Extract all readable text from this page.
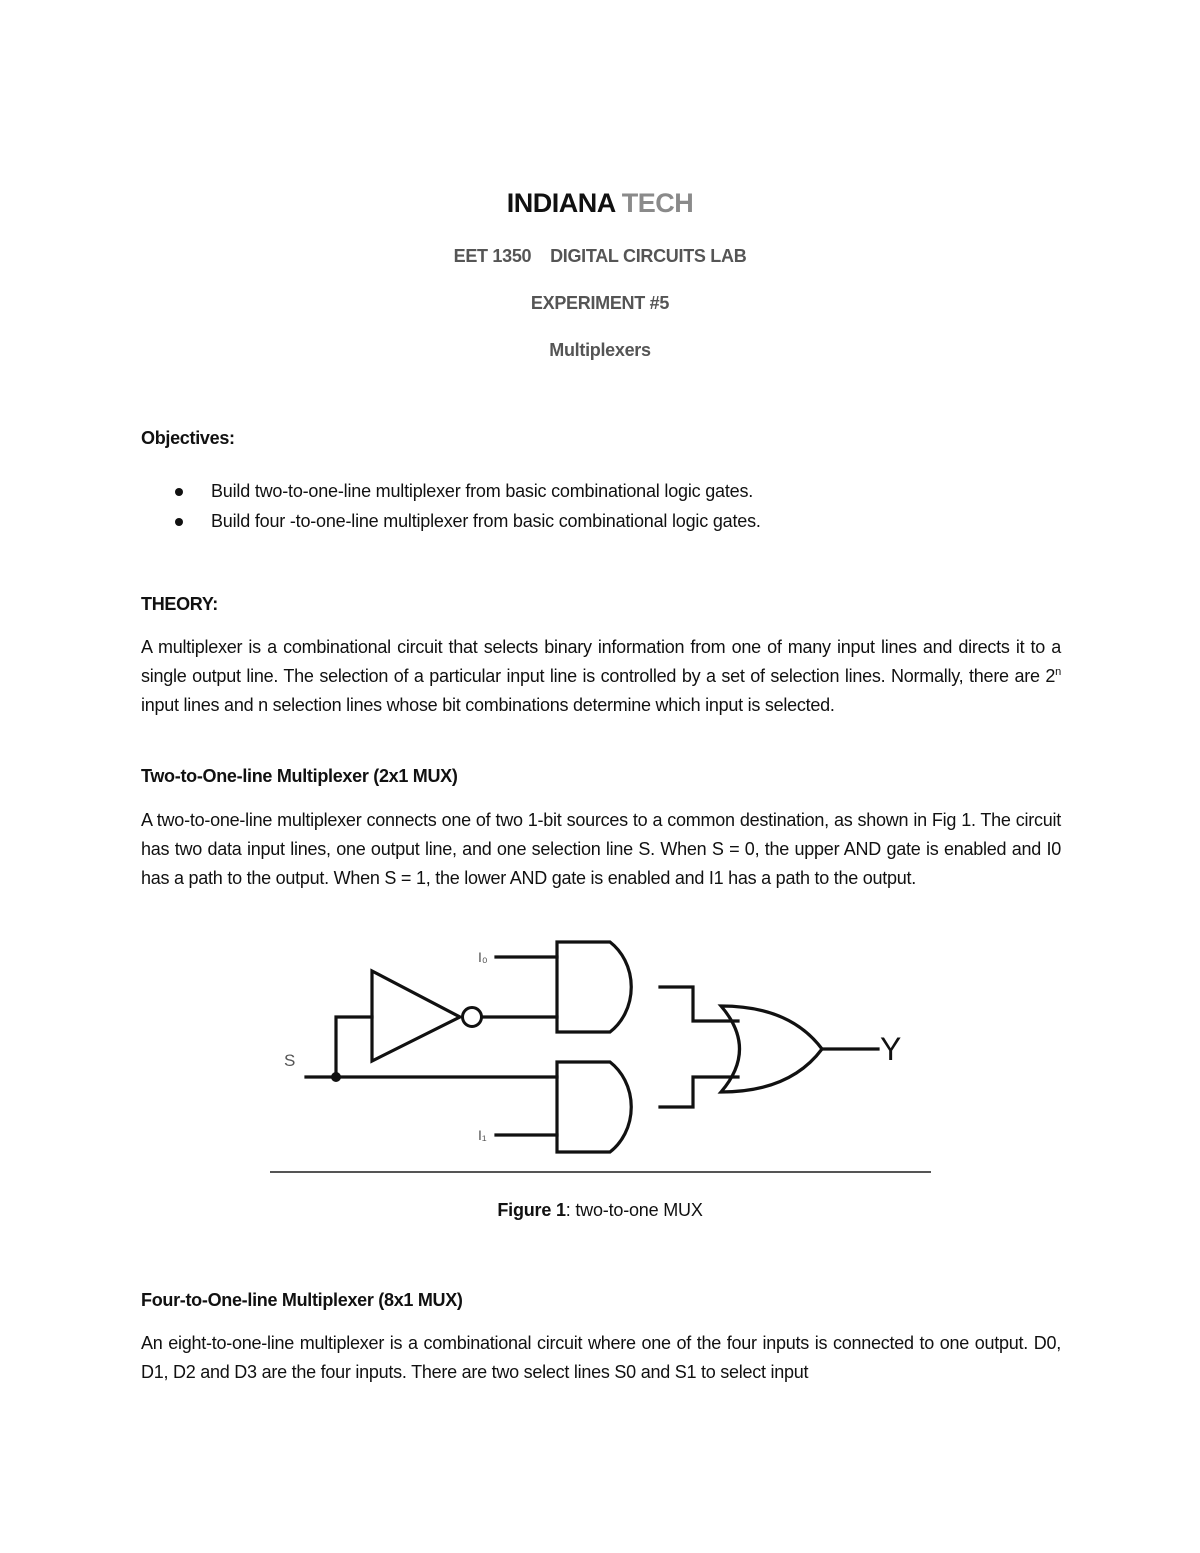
INDIANA TECH
EET 1350    DIGITAL CIRCUITS LAB
EXPERIMENT #5
Multiplexers
Objectives:
Build two-to-one-line multiplexer from basic combinational logic gates.
Build four -to-one-line multiplexer from basic combinational logic gates.
THEORY:
A multiplexer is a combinational circuit that selects binary information from one of many input lines and directs it to a single output line. The selection of a particular input line is controlled by a set of selection lines. Normally, there are 2$^n$ input lines and n selection lines whose bit combinations determine which input is selected.
Two-to-One-line Multiplexer (2x1 MUX)
A two-to-one-line multiplexer connects one of two 1-bit sources to a common destination, as shown in Fig 1. The circuit has two data input lines, one output line, and one selection line S. When S = 0, the upper AND gate is enabled and I0 has a path to the output. When S = 1, the lower AND gate is enabled and I1 has a path to the output.
I₀
I₁
S	Y
Figure 1: two-to-one MUX
Four-to-One-line Multiplexer (8x1 MUX)
An eight-to-one-line multiplexer is a combinational circuit where one of the four inputs is connected to one output. D0, D1, D2 and D3 are the four inputs. There are two select lines S0 and S1 to select input
